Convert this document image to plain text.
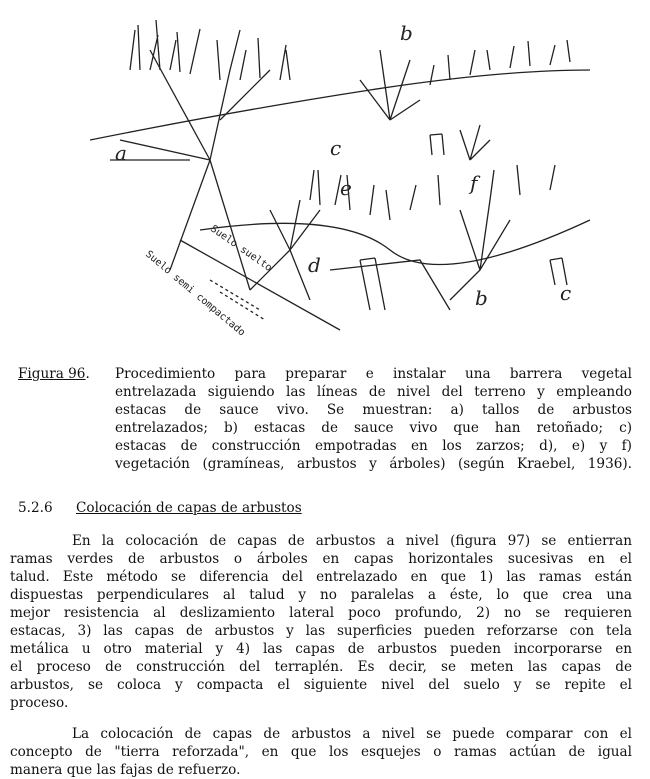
a
b
c
d
e	f
b	c
Suelo suelto
Suelo semi compactado
Figura 96. Procedimiento para preparar e instalar una barrera vegetal
entrelazada siguiendo las líneas de nivel del terreno y empleando
estacas de sauce vivo. Se muestran: a) tallos de arbustos
entrelazados; b) estacas de sauce vivo que han retoñado; c)
estacas de construcción empotradas en los zarzos; d), e) y f)
vegetación (gramíneas, arbustos y árboles) (según Kraebel, 1936).
5.2.6 Colocación de capas de arbustos
En la colocación de capas de arbustos a nivel (figura 97) se entierran
ramas verdes de arbustos o árboles en capas horizontales sucesivas en el
talud. Este método se diferencia del entrelazado en que 1) las ramas están
dispuestas perpendiculares al talud y no paralelas a éste, lo que crea una
mejor resistencia al deslizamiento lateral poco profundo, 2) no se requieren
estacas, 3) las capas de arbustos y las superficies pueden reforzarse con tela
metálica u otro material y 4) las capas de arbustos pueden incorporarse en
el proceso de construcción del terraplén. Es decir, se meten las capas de
arbustos, se coloca y compacta el siguiente nivel del suelo y se repite el
proceso.
La colocación de capas de arbustos a nivel se puede comparar con el
concepto de "tierra reforzada", en que los esquejes o ramas actúan de igual
manera que las fajas de refuerzo.
